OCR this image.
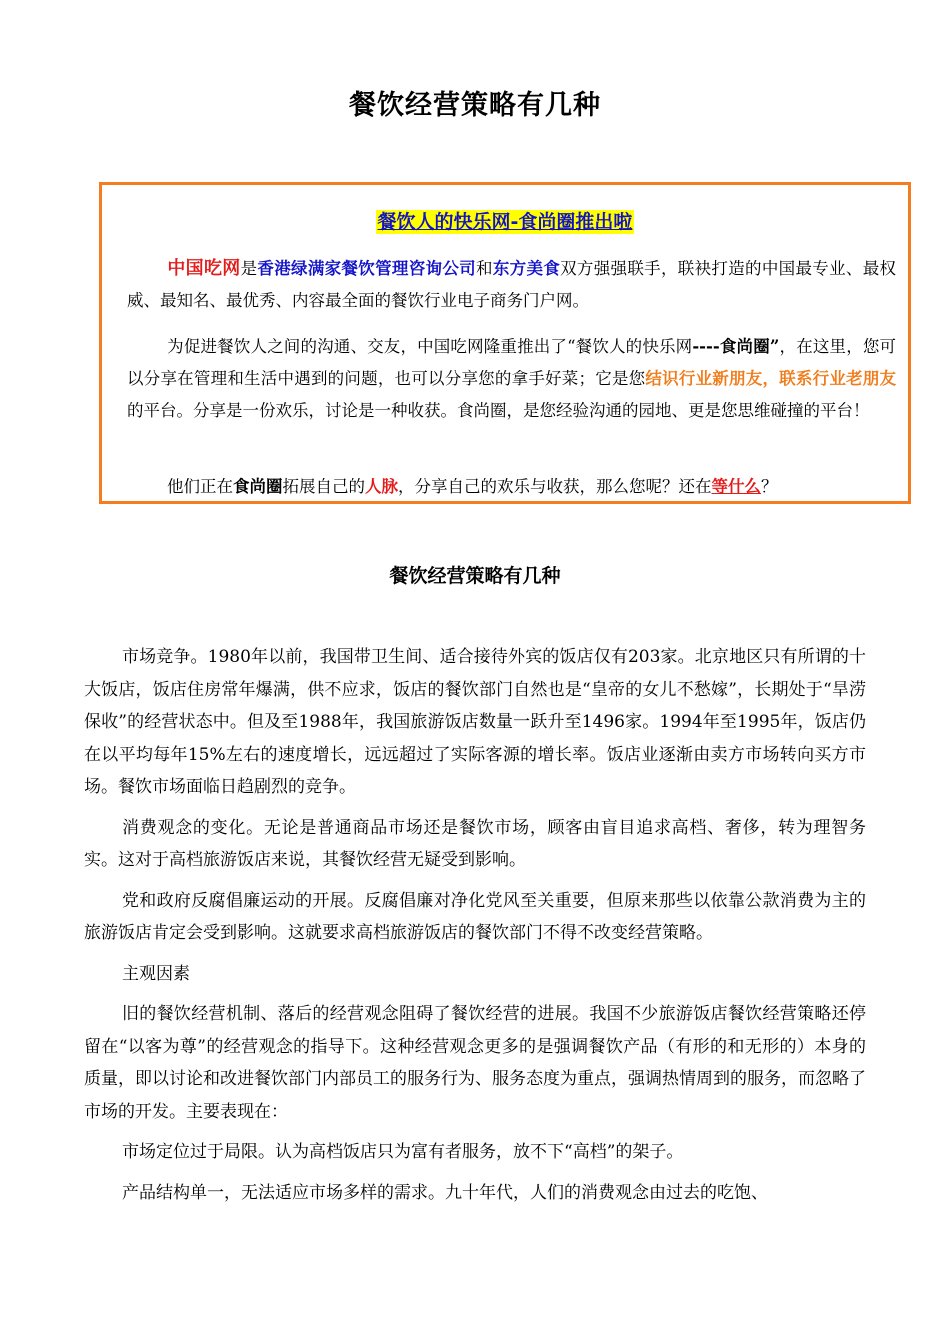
餐饮经营策略有几种
餐饮人的快乐网-食尚圈推出啦
中国吃网是香港绿满家餐饮管理咨询公司和东方美食双方强强联手，联袂打造的中国最专业、最权威、最知名、最优秀、内容最全面的餐饮行业电子商务门户网。
为促进餐饮人之间的沟通、交友，中国吃网隆重推出了“餐饮人的快乐网----食尚圈”，在这里，您可以分享在管理和生活中遇到的问题，也可以分享您的拿手好菜；它是您结识行业新朋友，联系行业老朋友的平台。分享是一份欢乐，讨论是一种收获。食尚圈，是您经验沟通的园地、更是您思维碰撞的平台！
他们正在食尚圈拓展自己的人脉，分享自己的欢乐与收获，那么您呢？还在等什么？
餐饮经营策略有几种

市场竞争。1980年以前，我国带卫生间、适合接待外宾的饭店仅有203家。北京地区只有所谓的十大饭店，饭店住房常年爆满，供不应求，饭店的餐饮部门自然也是“皇帝的女儿不愁嫁”，长期处于“旱涝保收”的经营状态中。但及至1988年，我国旅游饭店数量一跃升至1496家。1994年至1995年，饭店仍在以平均每年15%左右的速度增长，远远超过了实际客源的增长率。饭店业逐渐由卖方市场转向买方市场。餐饮市场面临日趋剧烈的竞争。

消费观念的变化。无论是普通商品市场还是餐饮市场，顾客由盲目追求高档、奢侈，转为理智务实。这对于高档旅游饭店来说，其餐饮经营无疑受到影响。

党和政府反腐倡廉运动的开展。反腐倡廉对净化党风至关重要，但原来那些以依靠公款消费为主的旅游饭店肯定会受到影响。这就要求高档旅游饭店的餐饮部门不得不改变经营策略。

主观因素

旧的餐饮经营机制、落后的经营观念阻碍了餐饮经营的进展。我国不少旅游饭店餐饮经营策略还停留在“以客为尊”的经营观念的指导下。这种经营观念更多的是强调餐饮产品（有形的和无形的）本身的质量，即以讨论和改进餐饮部门内部员工的服务行为、服务态度为重点，强调热情周到的服务，而忽略了市场的开发。主要表现在：

市场定位过于局限。认为高档饭店只为富有者服务，放不下“高档”的架子。

产品结构单一，无法适应市场多样的需求。九十年代，人们的消费观念由过去的吃饱、
